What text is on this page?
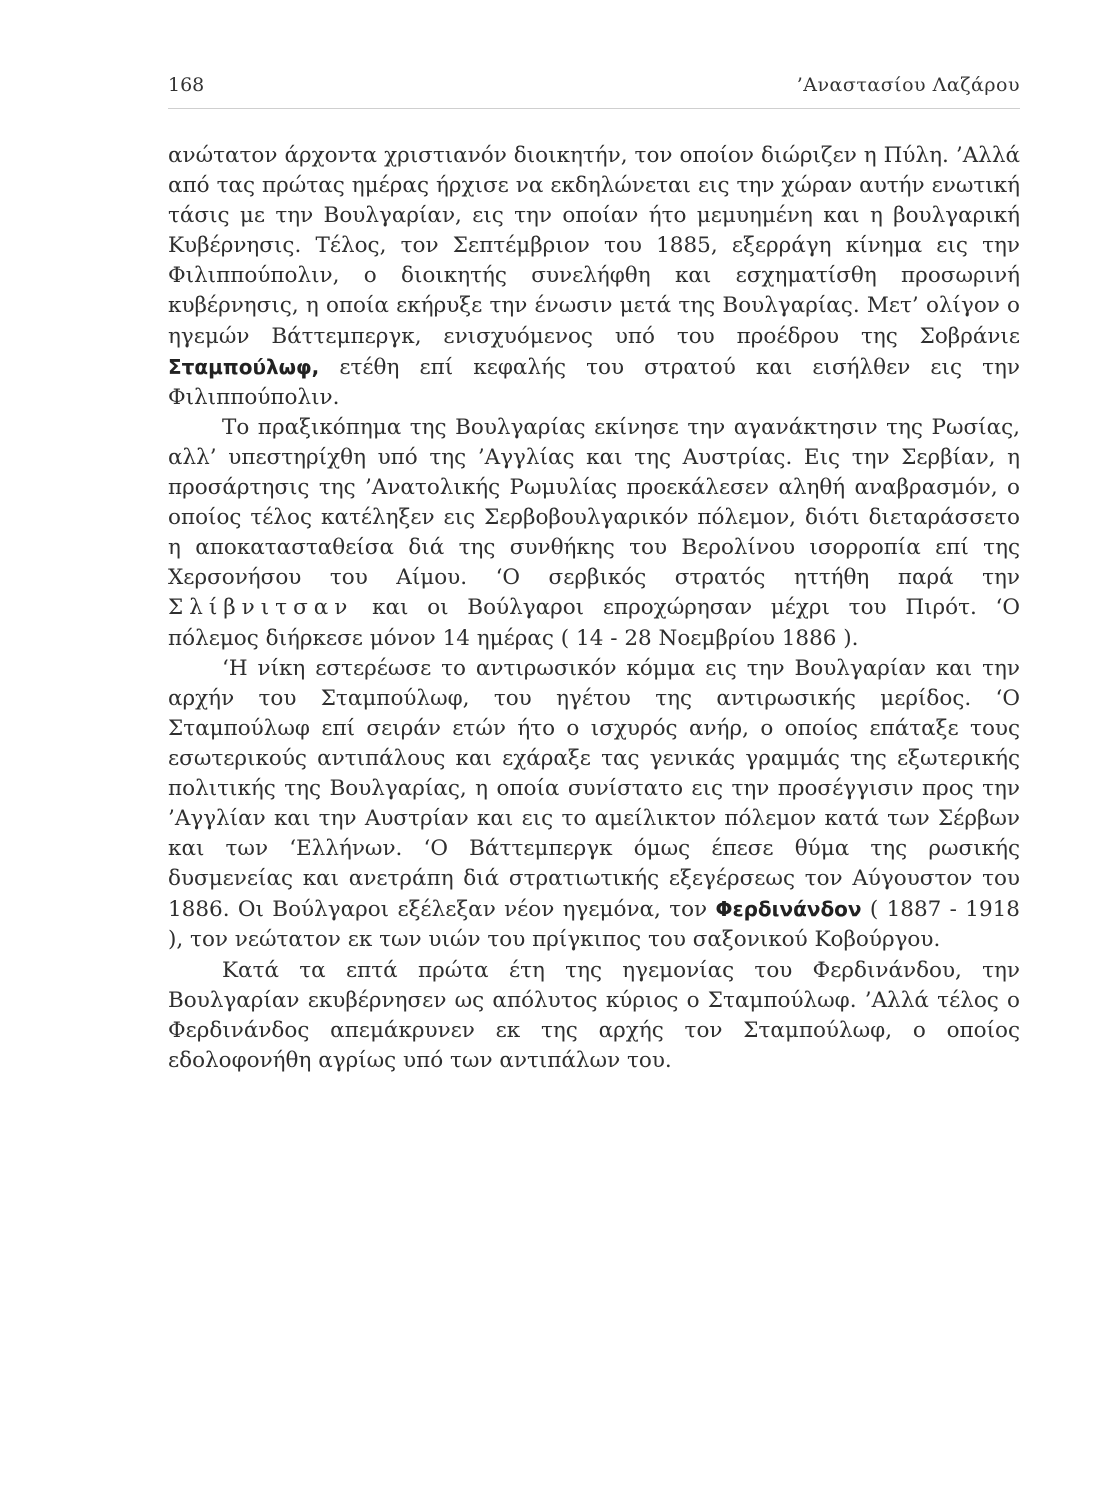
168	’Αναστασίου Λαζάρου

ανώτατον άρχοντα χριστιανόν διοικητήν, τον οποίον διώριζεν η Πύλη. ’Αλλά από τας πρώτας ημέρας ήρχισε να εκδηλώνεται εις την χώραν αυτήν ενωτική τάσις με την Βουλγαρίαν, εις την οποίαν ήτο μεμυημένη και η βουλγαρική Κυβέρνησις. Τέλος, τον Σεπτέμβριον του 1885, εξερράγη κίνημα εις την Φιλιππούπολιν, ο διοικητής συνελήφθη και εσχηματίσθη προσωρινή κυβέρνησις, η οποία εκήρυξε την ένωσιν μετά της Βουλγαρίας. Μετ’ ολίγον ο ηγεμών Βάττεμπεργκ, ενισχυόμενος υπό του προέδρου της Σοβράνιε Σταμπούλωφ, ετέθη επί κεφαλής του στρατού και εισήλθεν εις την Φιλιππούπολιν.

Το πραξικόπημα της Βουλγαρίας εκίνησε την αγανάκτησιν της Ρωσίας, αλλ’ υπεστηρίχθη υπό της ’Αγγλίας και της Αυστρίας. Εις την Σερβίαν, η προσάρτησις της ’Ανατολικής Ρωμυλίας προεκάλεσεν αληθή αναβρασμόν, ο οποίος τέλος κατέληξεν εις Σερβοβουλγαρικόν πόλεμον, διότι διεταράσσετο η αποκατασταθείσα διά της συνθήκης του Βερολίνου ισορροπία επί της Χερσονήσου του Αίμου. ‘Ο σερβικός στρατός ηττήθη παρά την Σλίβνιτσαν και οι Βούλγαροι επροχώρησαν μέχρι του Πιρότ. ‘Ο πόλεμος διήρκεσε μόνον 14 ημέρας ( 14 - 28 Νοεμβρίου 1886 ).

‘Η νίκη εστερέωσε το αντιρωσικόν κόμμα εις την Βουλγαρίαν και την αρχήν του Σταμπούλωφ, του ηγέτου της αντιρωσικής μερίδος. ‘Ο Σταμπούλωφ επί σειράν ετών ήτο ο ισχυρός ανήρ, ο οποίος επάταξε τους εσωτερικούς αντιπάλους και εχάραξε τας γενικάς γραμμάς της εξωτερικής πολιτικής της Βουλγαρίας, η οποία συνίστατο εις την προσέγγισιν προς την ’Αγγλίαν και την Αυστρίαν και εις το αμείλικτον πόλεμον κατά των Σέρβων και των ‘Ελλήνων. ‘Ο Βάττεμπεργκ όμως έπεσε θύμα της ρωσικής δυσμενείας και ανετράπη διά στρατιωτικής εξεγέρσεως τον Αύγουστον του 1886. Οι Βούλγαροι εξέλεξαν νέον ηγεμόνα, τον Φερδινάνδον ( 1887 - 1918 ), τον νεώτατον εκ των υιών του πρίγκιπος του σαξονικού Κοβούργου.

Κατά τα επτά πρώτα έτη της ηγεμονίας του Φερδινάνδου, την Βουλγαρίαν εκυβέρνησεν ως απόλυτος κύριος ο Σταμπούλωφ. ’Αλλά τέλος ο Φερδινάνδος απεμάκρυνεν εκ της αρχής τον Σταμπούλωφ, ο οποίος εδολοφονήθη αγρίως υπό των αντιπάλων του.
